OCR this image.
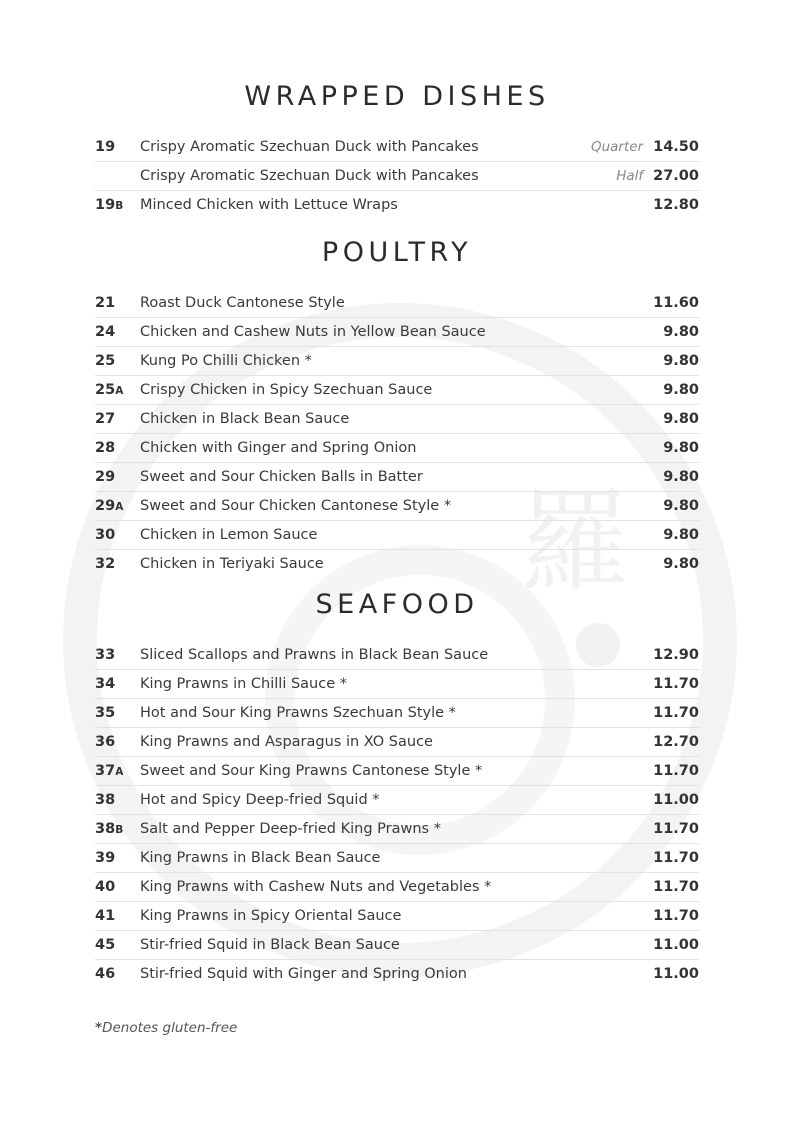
羅
WRAPPED DISHES
19 Crispy Aromatic Szechuan Duck with Pancakes	Quarter 14.50
Crispy Aromatic Szechuan Duck with Pancakes	Half 27.00
19B Minced Chicken with Lettuce Wraps	12.80
POULTRY
21 Roast Duck Cantonese Style	11.60
24 Chicken and Cashew Nuts in Yellow Bean Sauce	9.80
25 Kung Po Chilli Chicken *	9.80
25A Crispy Chicken in Spicy Szechuan Sauce	9.80
27 Chicken in Black Bean Sauce	9.80
28 Chicken with Ginger and Spring Onion	9.80
29 Sweet and Sour Chicken Balls in Batter	9.80
29A Sweet and Sour Chicken Cantonese Style *	9.80
30 Chicken in Lemon Sauce	9.80
32 Chicken in Teriyaki Sauce	9.80
SEAFOOD
33 Sliced Scallops and Prawns in Black Bean Sauce	12.90
34 King Prawns in Chilli Sauce *	11.70
35 Hot and Sour King Prawns Szechuan Style *	11.70
36 King Prawns and Asparagus in XO Sauce	12.70
37A Sweet and Sour King Prawns Cantonese Style *	11.70
38 Hot and Spicy Deep-fried Squid *	11.00
38B Salt and Pepper Deep-fried King Prawns *	11.70
39 King Prawns in Black Bean Sauce	11.70
40 King Prawns with Cashew Nuts and Vegetables *	11.70
41 King Prawns in Spicy Oriental Sauce	11.70
45 Stir-fried Squid in Black Bean Sauce	11.00
46 Stir-fried Squid with Ginger and Spring Onion	11.00
*Denotes gluten-free
